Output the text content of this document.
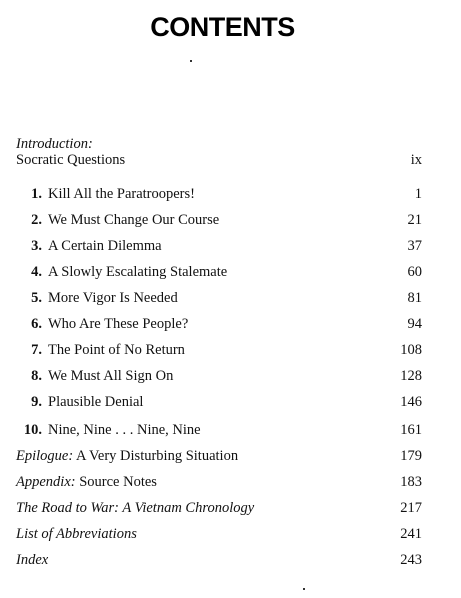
CONTENTS
Introduction:
Socratic Questions	ix
1. Kill All the Paratroopers!	1
2. We Must Change Our Course	21
3. A Certain Dilemma	37
4. A Slowly Escalating Stalemate	60
5. More Vigor Is Needed	81
6. Who Are These People?	94
7. The Point of No Return	108
8. We Must All Sign On	128
9. Plausible Denial	146
10. Nine, Nine . . . Nine, Nine	161
Epilogue: A Very Disturbing Situation	179
Appendix: Source Notes	183
The Road to War: A Vietnam Chronology	217
List of Abbreviations	241
Index	243
